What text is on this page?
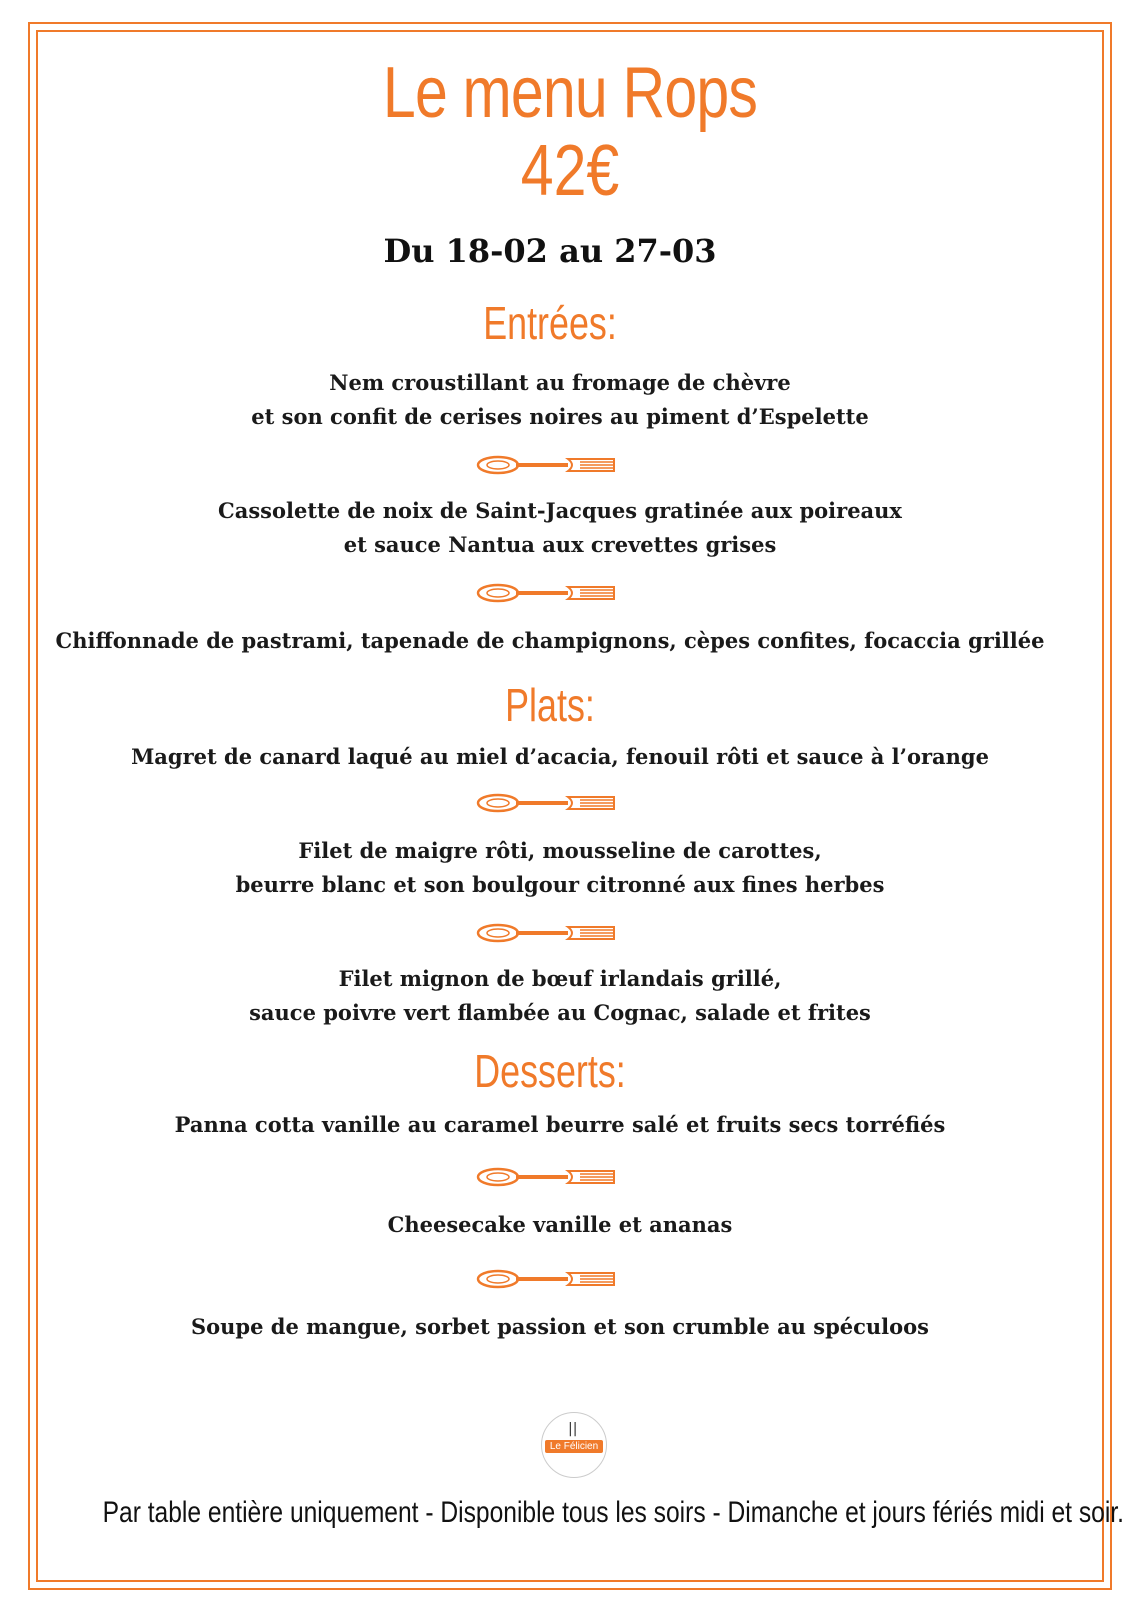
Le menu Rops
42€
Du 18-02 au 27-03
Entrées:
Nem croustillant au fromage de chèvre
et son confit de cerises noires au piment d’Espelette
Cassolette de noix de Saint-Jacques gratinée aux poireaux
et sauce Nantua aux crevettes grises
Chiffonnade de pastrami, tapenade de champignons, cèpes confites, focaccia grillée
Plats:
Magret de canard laqué au miel d’acacia, fenouil rôti et sauce à l’orange
Filet de maigre rôti, mousseline de carottes,
beurre blanc et son boulgour citronné aux fines herbes
Filet mignon de bœuf irlandais grillé,
sauce poivre vert flambée au Cognac, salade et frites
Desserts:
Panna cotta vanille au caramel beurre salé et fruits secs torréfiés
Cheesecake vanille et ananas
Soupe de mangue, sorbet passion et son crumble au spéculoos
||
Le Félicien
Par table entière uniquement - Disponible tous les soirs - Dimanche et jours fériés midi et soir.
